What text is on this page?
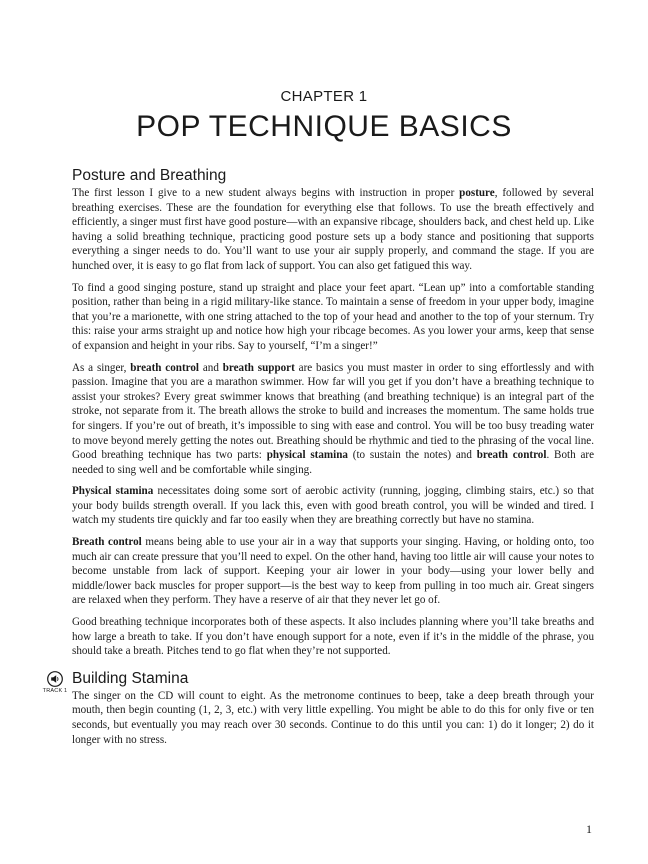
CHAPTER 1
POP TECHNIQUE BASICS
Posture and Breathing

The first lesson I give to a new student always begins with instruction in proper posture, followed by several breathing exercises. These are the foundation for everything else that follows. To use the breath effectively and efficiently, a singer must first have good posture—with an expansive ribcage, shoulders back, and chest held up. Like having a solid breathing technique, practicing good posture sets up a body stance and positioning that supports everything a singer needs to do. You’ll want to use your air supply properly, and command the stage. If you are hunched over, it is easy to go flat from lack of support. You can also get fatigued this way.

To find a good singing posture, stand up straight and place your feet apart. “Lean up” into a comfortable standing position, rather than being in a rigid military-like stance. To maintain a sense of freedom in your upper body, imagine that you’re a marionette, with one string attached to the top of your head and another to the top of your sternum. Try this: raise your arms straight up and notice how high your ribcage becomes. As you lower your arms, keep that sense of expansion and height in your ribs. Say to yourself, “I’m a singer!”

As a singer, breath control and breath support are basics you must master in order to sing effortlessly and with passion. Imagine that you are a marathon swimmer. How far will you get if you don’t have a breathing technique to assist your strokes? Every great swimmer knows that breathing (and breathing technique) is an integral part of the stroke, not separate from it. The breath allows the stroke to build and increases the momentum. The same holds true for singers. If you’re out of breath, it’s impossible to sing with ease and control. You will be too busy treading water to move beyond merely getting the notes out. Breathing should be rhythmic and tied to the phrasing of the vocal line. Good breathing technique has two parts: physical stamina (to sustain the notes) and breath control. Both are needed to sing well and be comfortable while singing.

Physical stamina necessitates doing some sort of aerobic activity (running, jogging, climbing stairs, etc.) so that your body builds strength overall. If you lack this, even with good breath control, you will be winded and tired. I watch my students tire quickly and far too easily when they are breathing correctly but have no stamina.

Breath control means being able to use your air in a way that supports your singing. Having, or holding onto, too much air can create pressure that you’ll need to expel. On the other hand, having too little air will cause your notes to become unstable from lack of support. Keeping your air lower in your body—using your lower belly and middle/lower back muscles for proper support—is the best way to keep from pulling in too much air. Great singers are relaxed when they perform. They have a reserve of air that they never let go of.

Good breathing technique incorporates both of these aspects. It also includes planning where you’ll take breaths and how large a breath to take. If you don’t have enough support for a note, even if it’s in the middle of the phrase, you should take a breath. Pitches tend to go flat when they’re not supported.

TRACK 1
Building Stamina

The singer on the CD will count to eight. As the metronome continues to beep, take a deep breath through your mouth, then begin counting (1, 2, 3, etc.) with very little expelling. You might be able to do this for only five or ten seconds, but eventually you may reach over 30 seconds. Continue to do this until you can: 1) do it longer; 2) do it longer with no stress.

1
